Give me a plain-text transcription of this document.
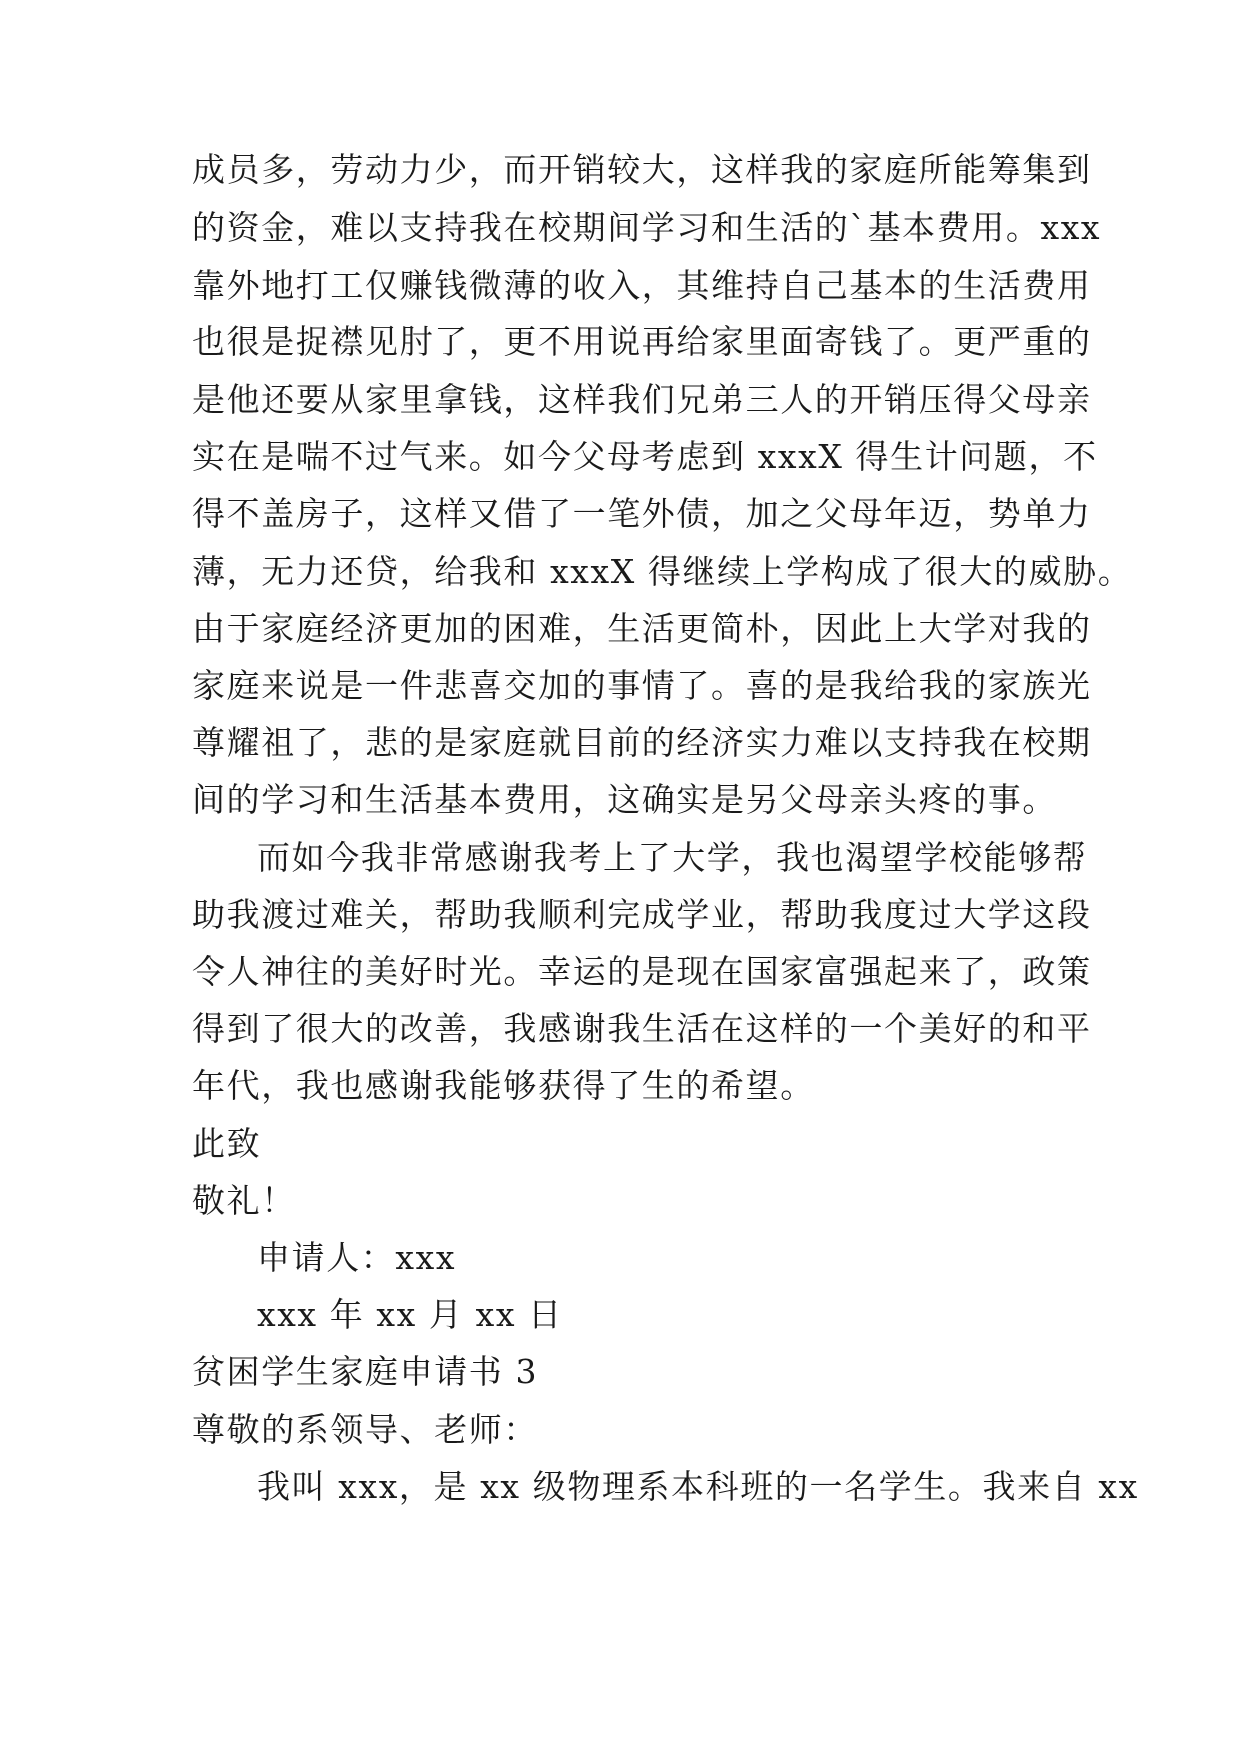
成员多，劳动力少，而开销较大，这样我的家庭所能筹集到
的资金，难以支持我在校期间学习和生活的`基本费用。xxx
靠外地打工仅赚钱微薄的收入，其维持自己基本的生活费用
也很是捉襟见肘了，更不用说再给家里面寄钱了。更严重的
是他还要从家里拿钱，这样我们兄弟三人的开销压得父母亲
实在是喘不过气来。如今父母考虑到 xxxX 得生计问题，不
得不盖房子，这样又借了一笔外债，加之父母年迈，势单力
薄，无力还贷，给我和 xxxX 得继续上学构成了很大的威胁。
由于家庭经济更加的困难，生活更简朴，因此上大学对我的
家庭来说是一件悲喜交加的事情了。喜的是我给我的家族光
尊耀祖了，悲的是家庭就目前的经济实力难以支持我在校期
间的学习和生活基本费用，这确实是另父母亲头疼的事。
而如今我非常感谢我考上了大学，我也渴望学校能够帮
助我渡过难关，帮助我顺利完成学业，帮助我度过大学这段
令人神往的美好时光。幸运的是现在国家富强起来了，政策
得到了很大的改善，我感谢我生活在这样的一个美好的和平
年代，我也感谢我能够获得了生的希望。
此致
敬礼！
申请人：xxx
xxx 年 xx 月 xx 日
贫困学生家庭申请书 3
尊敬的系领导、老师：
我叫 xxx，是 xx 级物理系本科班的一名学生。我来自 xx
